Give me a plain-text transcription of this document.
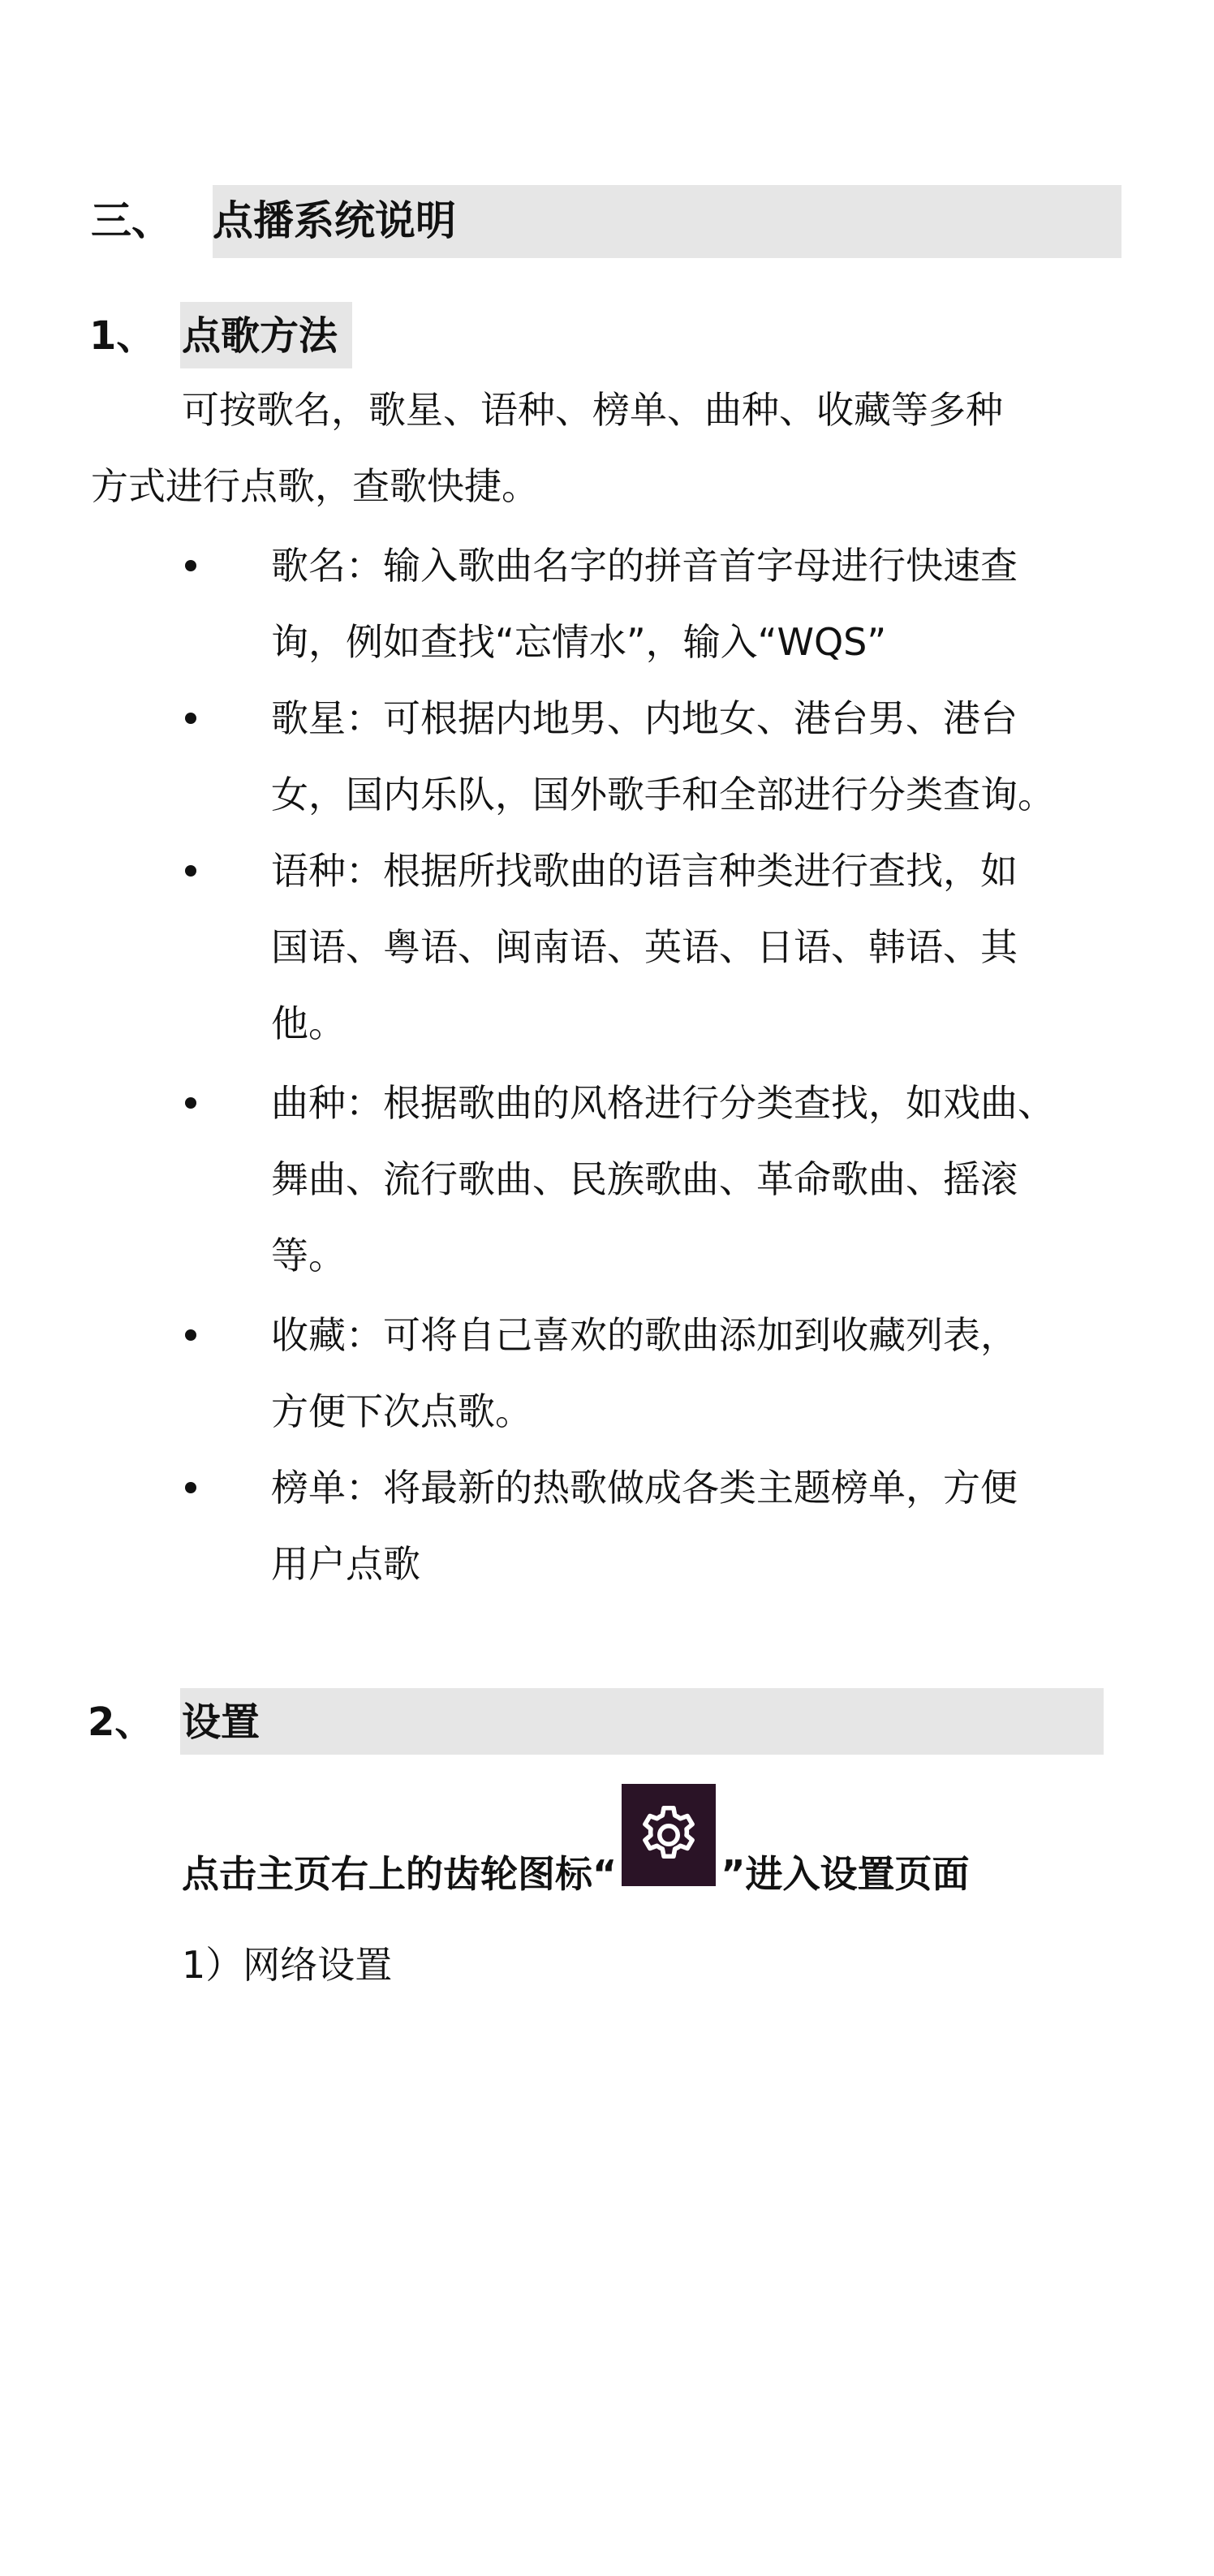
三、 点播系统说明
1、 点歌方法
可按歌名，歌星、语种、榜单、曲种、收藏等多种
方式进行点歌，查歌快捷。
歌名：输入歌曲名字的拼音首字母进行快速查
询，例如查找“忘情水”，输入“WQS”
歌星：可根据内地男、内地女、港台男、港台
女，国内乐队，国外歌手和全部进行分类查询。
语种：根据所找歌曲的语言种类进行查找，如
国语、粤语、闽南语、英语、日语、韩语、其
他。
曲种：根据歌曲的风格进行分类查找，如戏曲、
舞曲、流行歌曲、民族歌曲、革命歌曲、摇滚
等。
收藏：可将自己喜欢的歌曲添加到收藏列表，
方便下次点歌。
榜单：将最新的热歌做成各类主题榜单，方便
用户点歌
2、 设置
点击主页右上的齿轮图标“	”进入设置页面
1）网络设置
